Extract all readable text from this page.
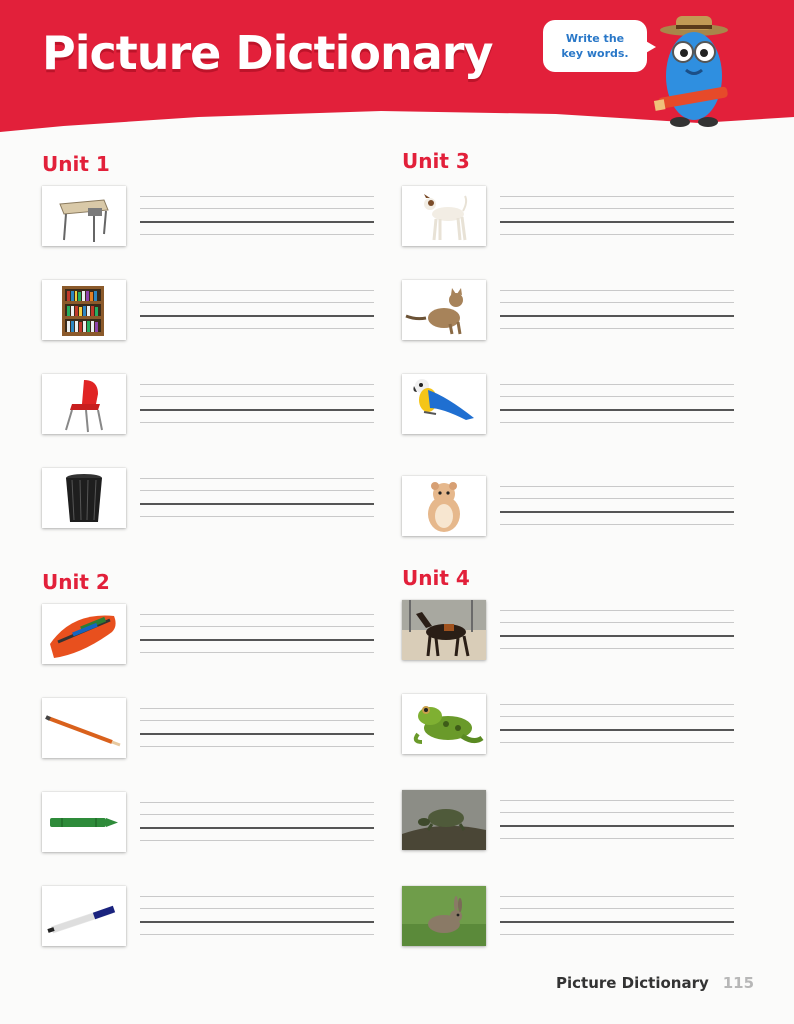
Picture Dictionary	Write the
key words.
Unit 1
Unit 2
Unit 3
Unit 4
Picture Dictionary 115
